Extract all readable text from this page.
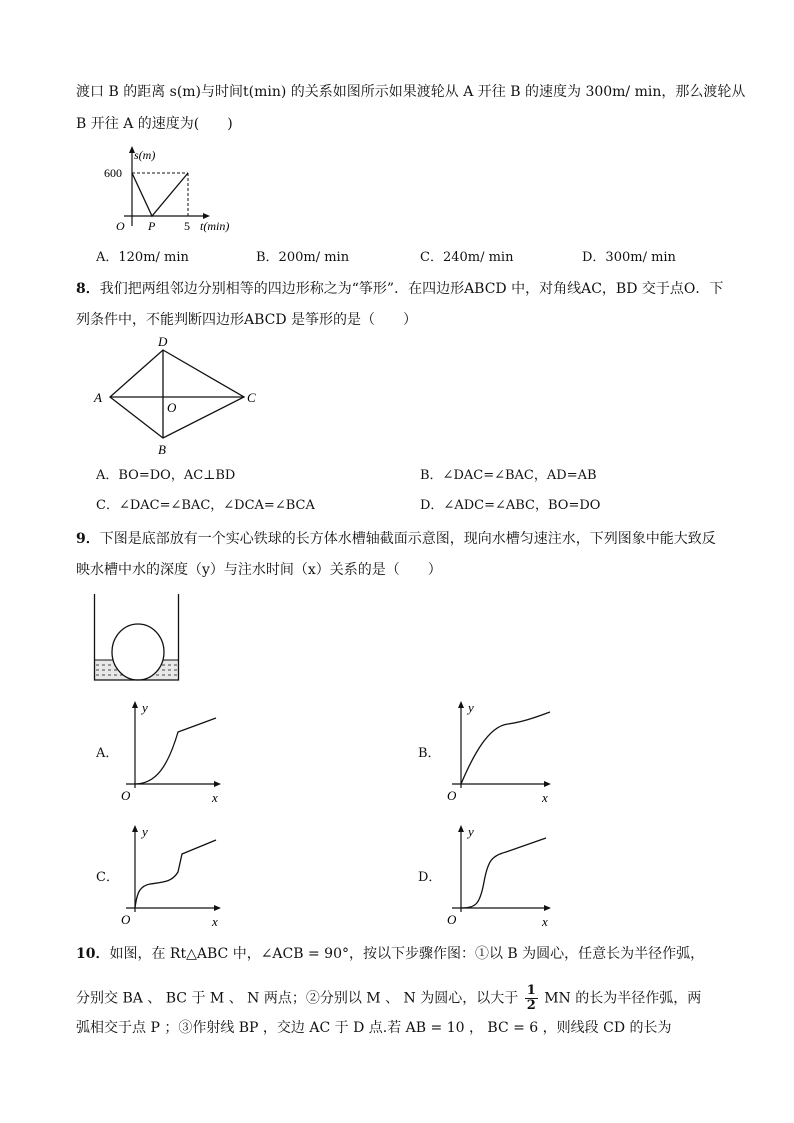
渡口 B 的距离 s(m)与时间t(min) 的关系如图所示如果渡轮从 A 开往 B 的速度为 300m/ min，那么渡轮从
B 开往 A 的速度为(　　)
s(m)
600
O P 5 t(min)
A．120m/ min	B．200m/ min	C．240m/ min	D．300m/ min
8．我们把两组邻边分别相等的四边形称之为“筝形”．在四边形ABCD 中，对角线AC，BD 交于点O．下
列条件中，不能判断四边形ABCD 是筝形的是（　　）
A
D
C
B
O
A．BO=DO，AC⊥BD	B．∠DAC=∠BAC，AD=AB
C．∠DAC=∠BAC，∠DCA=∠BCA	D．∠ADC=∠ABC，BO=DO
9．下图是底部放有一个实心铁球的长方体水槽轴截面示意图，现向水槽匀速注水，下列图象中能大致反
映水槽中水的深度（y）与注水时间（x）关系的是（　　）
A．
y
O	x
B．
y
O	x
C．
y
O	x
D．
y
O	x
10．如图，在 Rt△ABC 中，∠ACB = 90°，按以下步骤作图：①以 B 为圆心，任意长为半径作弧，
分别交 BA 、 BC 于 M 、 N 两点；②分别以 M 、 N 为圆心，以大于 $\frac{1}{2}$ MN 的长为半径作弧，两
弧相交于点 P ；③作射线 BP ，交边 AC 于 D 点.若 AB = 10 ， BC = 6 ，则线段 CD 的长为
